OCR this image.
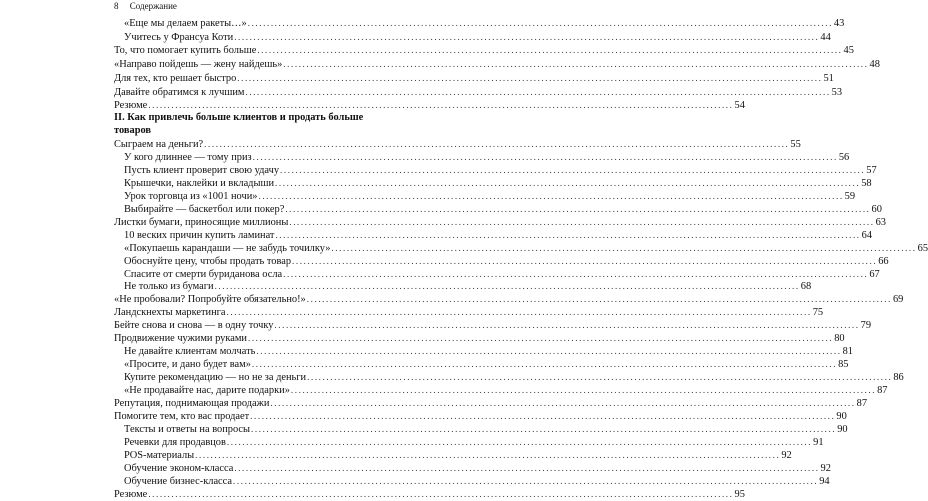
8 Содержание
«Еще мы делаем ракеты…» ........................................................................................................................................................ 43
Учитесь у Франсуа Коти ........................................................................................................................................................ 44
То, что помогает купить больше ........................................................................................................................................................ 45
«Направо пойдешь — жену найдешь» ........................................................................................................................................................ 48
Для тех, кто решает быстро ........................................................................................................................................................ 51
Давайте обратимся к лучшим ........................................................................................................................................................ 53
Резюме ........................................................................................................................................................ 54
II. Как привлечь больше клиентов и продать больше товаров
Сыграем на деньги? ........................................................................................................................................................ 55
У кого длиннее — тому приз ........................................................................................................................................................ 56
Пусть клиент проверит свою удачу ........................................................................................................................................................ 57
Крышечки, наклейки и вкладыши ........................................................................................................................................................ 58
Урок торговца из «1001 ночи» ........................................................................................................................................................ 59
Выбирайте — баскетбол или покер? ........................................................................................................................................................ 60
Листки бумаги, приносящие миллионы ........................................................................................................................................................ 63
10 веских причин купить ламинат ........................................................................................................................................................ 64
«Покупаешь карандаши — не забудь точилку» ........................................................................................................................................................ 65
Обоснуйте цену, чтобы продать товар ........................................................................................................................................................ 66
Спасите от смерти буриданова осла ........................................................................................................................................................ 67
Не только из бумаги ........................................................................................................................................................ 68
«Не пробовали? Попробуйте обязательно!» ........................................................................................................................................................ 69
Ландскнехты маркетинга ........................................................................................................................................................ 75
Бейте снова и снова — в одну точку ........................................................................................................................................................ 79
Продвижение чужими руками ........................................................................................................................................................ 80
Не давайте клиентам молчать ........................................................................................................................................................ 81
«Просите, и дано будет вам» ........................................................................................................................................................ 85
Купите рекомендацию — но не за деньги ........................................................................................................................................................ 86
«Не продавайте нас, дарите подарки» ........................................................................................................................................................ 87
Репутация, поднимающая продажи ........................................................................................................................................................ 87
Помогите тем, кто вас продает ........................................................................................................................................................ 90
Тексты и ответы на вопросы ........................................................................................................................................................ 90
Речевки для продавцов ........................................................................................................................................................ 91
POS-материалы ........................................................................................................................................................ 92
Обучение эконом-класса ........................................................................................................................................................ 92
Обучение бизнес-класса ........................................................................................................................................................ 94
Резюме ........................................................................................................................................................ 95
